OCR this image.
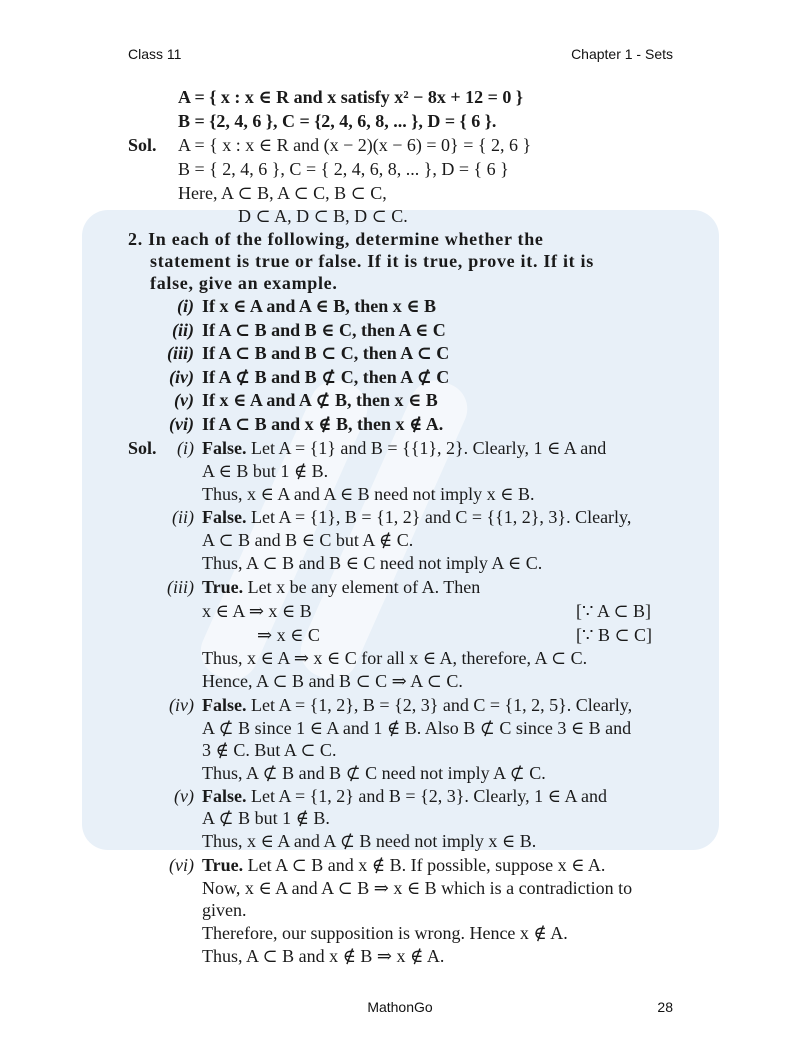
Class 11	Chapter 1 - Sets
A = { x : x ∈ R and x satisfy x² − 8x + 12 = 0 }
B = {2, 4, 6 }, C = {2, 4, 6, 8, ... }, D = { 6 }.
Sol. A = { x : x ∈ R and (x − 2)(x − 6) = 0} = { 2, 6 }
B = { 2, 4, 6 }, C = { 2, 4, 6, 8, ... }, D = { 6 }
Here, A ⊂ B, A ⊂ C, B ⊂ C,
D ⊂ A, D ⊂ B, D ⊂ C.
2. In each of the following, determine whether the
statement is true or false. If it is true, prove it. If it is
false, give an example.
(i) If x ∈ A and A ∈ B, then x ∈ B
(ii) If A ⊂ B and B ∈ C, then A ∈ C
(iii) If A ⊂ B and B ⊂ C, then A ⊂ C
(iv) If A ⊄ B and B ⊄ C, then A ⊄ C
(v) If x ∈ A and A ⊄ B, then x ∈ B
(vi) If A ⊂ B and x ∉ B, then x ∉ A.
Sol.	(i) False. Let A = {1} and B = {{1}, 2}. Clearly, 1 ∈ A and
A ∈ B but 1 ∉ B.
Thus, x ∈ A and A ∈ B need not imply x ∈ B.
(ii) False. Let A = {1}, B = {1, 2} and C = {{1, 2}, 3}. Clearly,
A ⊂ B and B ∈ C but A ∉ C.
Thus, A ⊂ B and B ∈ C need not imply A ∈ C.
(iii) True. Let x be any element of A. Then
x ∈ A ⇒ x ∈ B	[∵ A ⊂ B]
⇒ x ∈ C	[∵ B ⊂ C]
Thus, x ∈ A ⇒ x ∈ C for all x ∈ A, therefore, A ⊂ C.
Hence, A ⊂ B and B ⊂ C ⇒ A ⊂ C.
(iv) False. Let A = {1, 2}, B = {2, 3} and C = {1, 2, 5}. Clearly,
A ⊄ B since 1 ∈ A and 1 ∉ B. Also B ⊄ C since 3 ∈ B and
3 ∉ C. But A ⊂ C.
Thus, A ⊄ B and B ⊄ C need not imply A ⊄ C.
(v) False. Let A = {1, 2} and B = {2, 3}. Clearly, 1 ∈ A and
A ⊄ B but 1 ∉ B.
Thus, x ∈ A and A ⊄ B need not imply x ∈ B.
(vi) True. Let A ⊂ B and x ∉ B. If possible, suppose x ∈ A.
Now, x ∈ A and A ⊂ B ⇒ x ∈ B which is a contradiction to
given.
Therefore, our supposition is wrong. Hence x ∉ A.
Thus, A ⊂ B and x ∉ B ⇒ x ∉ A.
MathonGo	28
